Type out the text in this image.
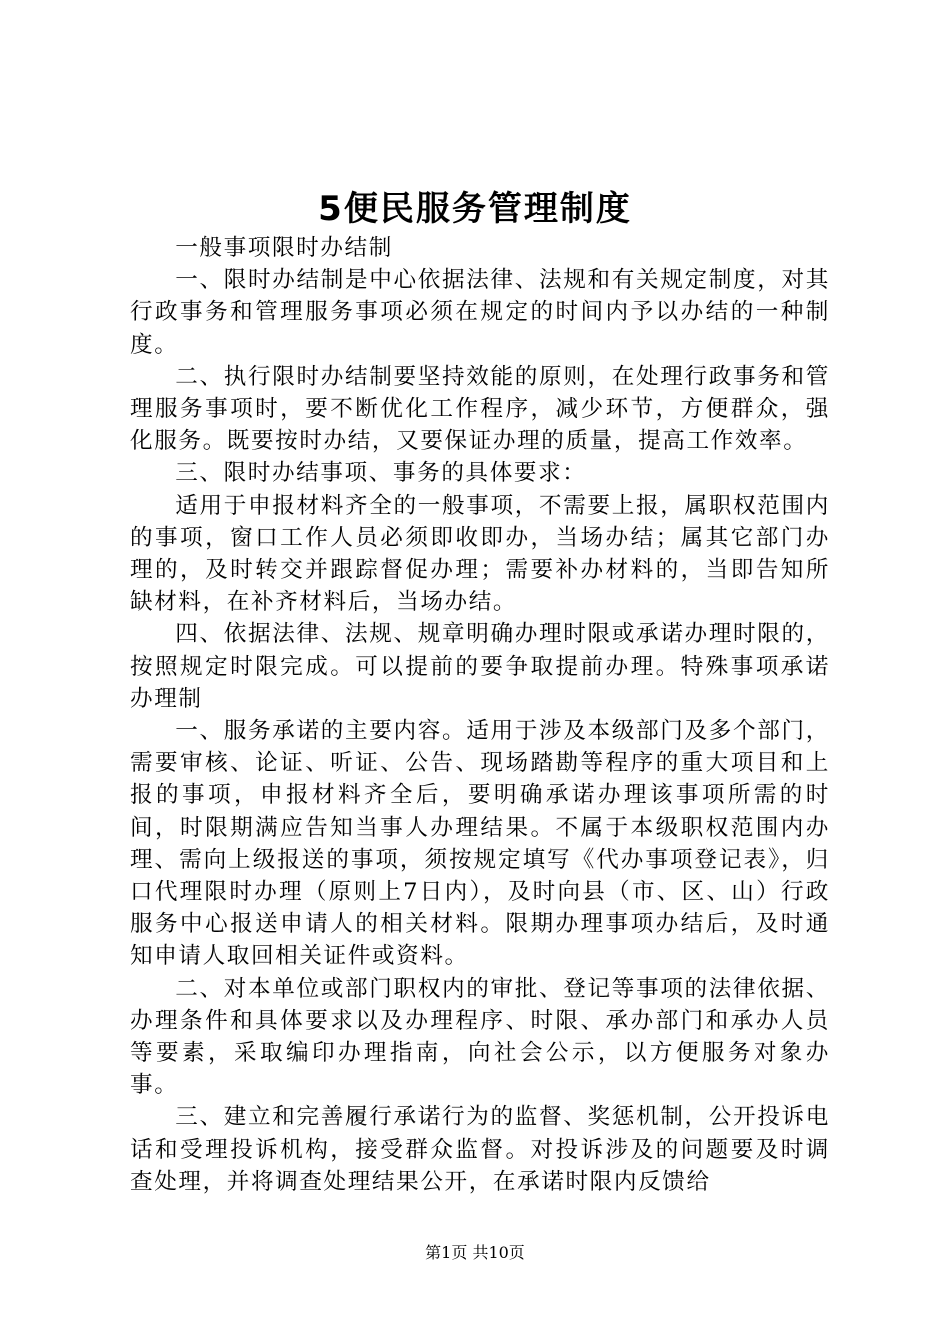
5便民服务管理制度

一般事项限时办结制

一、限时办结制是中心依据法律、法规和有关规定制度，对其行政事务和管理服务事项必须在规定的时间内予以办结的一种制度。

二、执行限时办结制要坚持效能的原则，在处理行政事务和管理服务事项时，要不断优化工作程序，减少环节，方便群众，强化服务。既要按时办结，又要保证办理的质量，提高工作效率。

三、限时办结事项、事务的具体要求：

适用于申报材料齐全的一般事项，不需要上报，属职权范围内的事项，窗口工作人员必须即收即办，当场办结；属其它部门办理的，及时转交并跟踪督促办理；需要补办材料的，当即告知所缺材料，在补齐材料后，当场办结。

四、依据法律、法规、规章明确办理时限或承诺办理时限的，按照规定时限完成。可以提前的要争取提前办理。特殊事项承诺办理制

一、服务承诺的主要内容。适用于涉及本级部门及多个部门，需要审核、论证、听证、公告、现场踏勘等程序的重大项目和上报的事项，申报材料齐全后，要明确承诺办理该事项所需的时间，时限期满应告知当事人办理结果。不属于本级职权范围内办理、需向上级报送的事项，须按规定填写《代办事项登记表》，归口代理限时办理（原则上7日内），及时向县（市、区、山）行政服务中心报送申请人的相关材料。限期办理事项办结后，及时通知申请人取回相关证件或资料。

二、对本单位或部门职权内的审批、登记等事项的法律依据、办理条件和具体要求以及办理程序、时限、承办部门和承办人员等要素，采取编印办理指南，向社会公示，以方便服务对象办事。

三、建立和完善履行承诺行为的监督、奖惩机制，公开投诉电话和受理投诉机构，接受群众监督。对投诉涉及的问题要及时调查处理，并将调查处理结果公开，在承诺时限内反馈给

第1页 共10页
